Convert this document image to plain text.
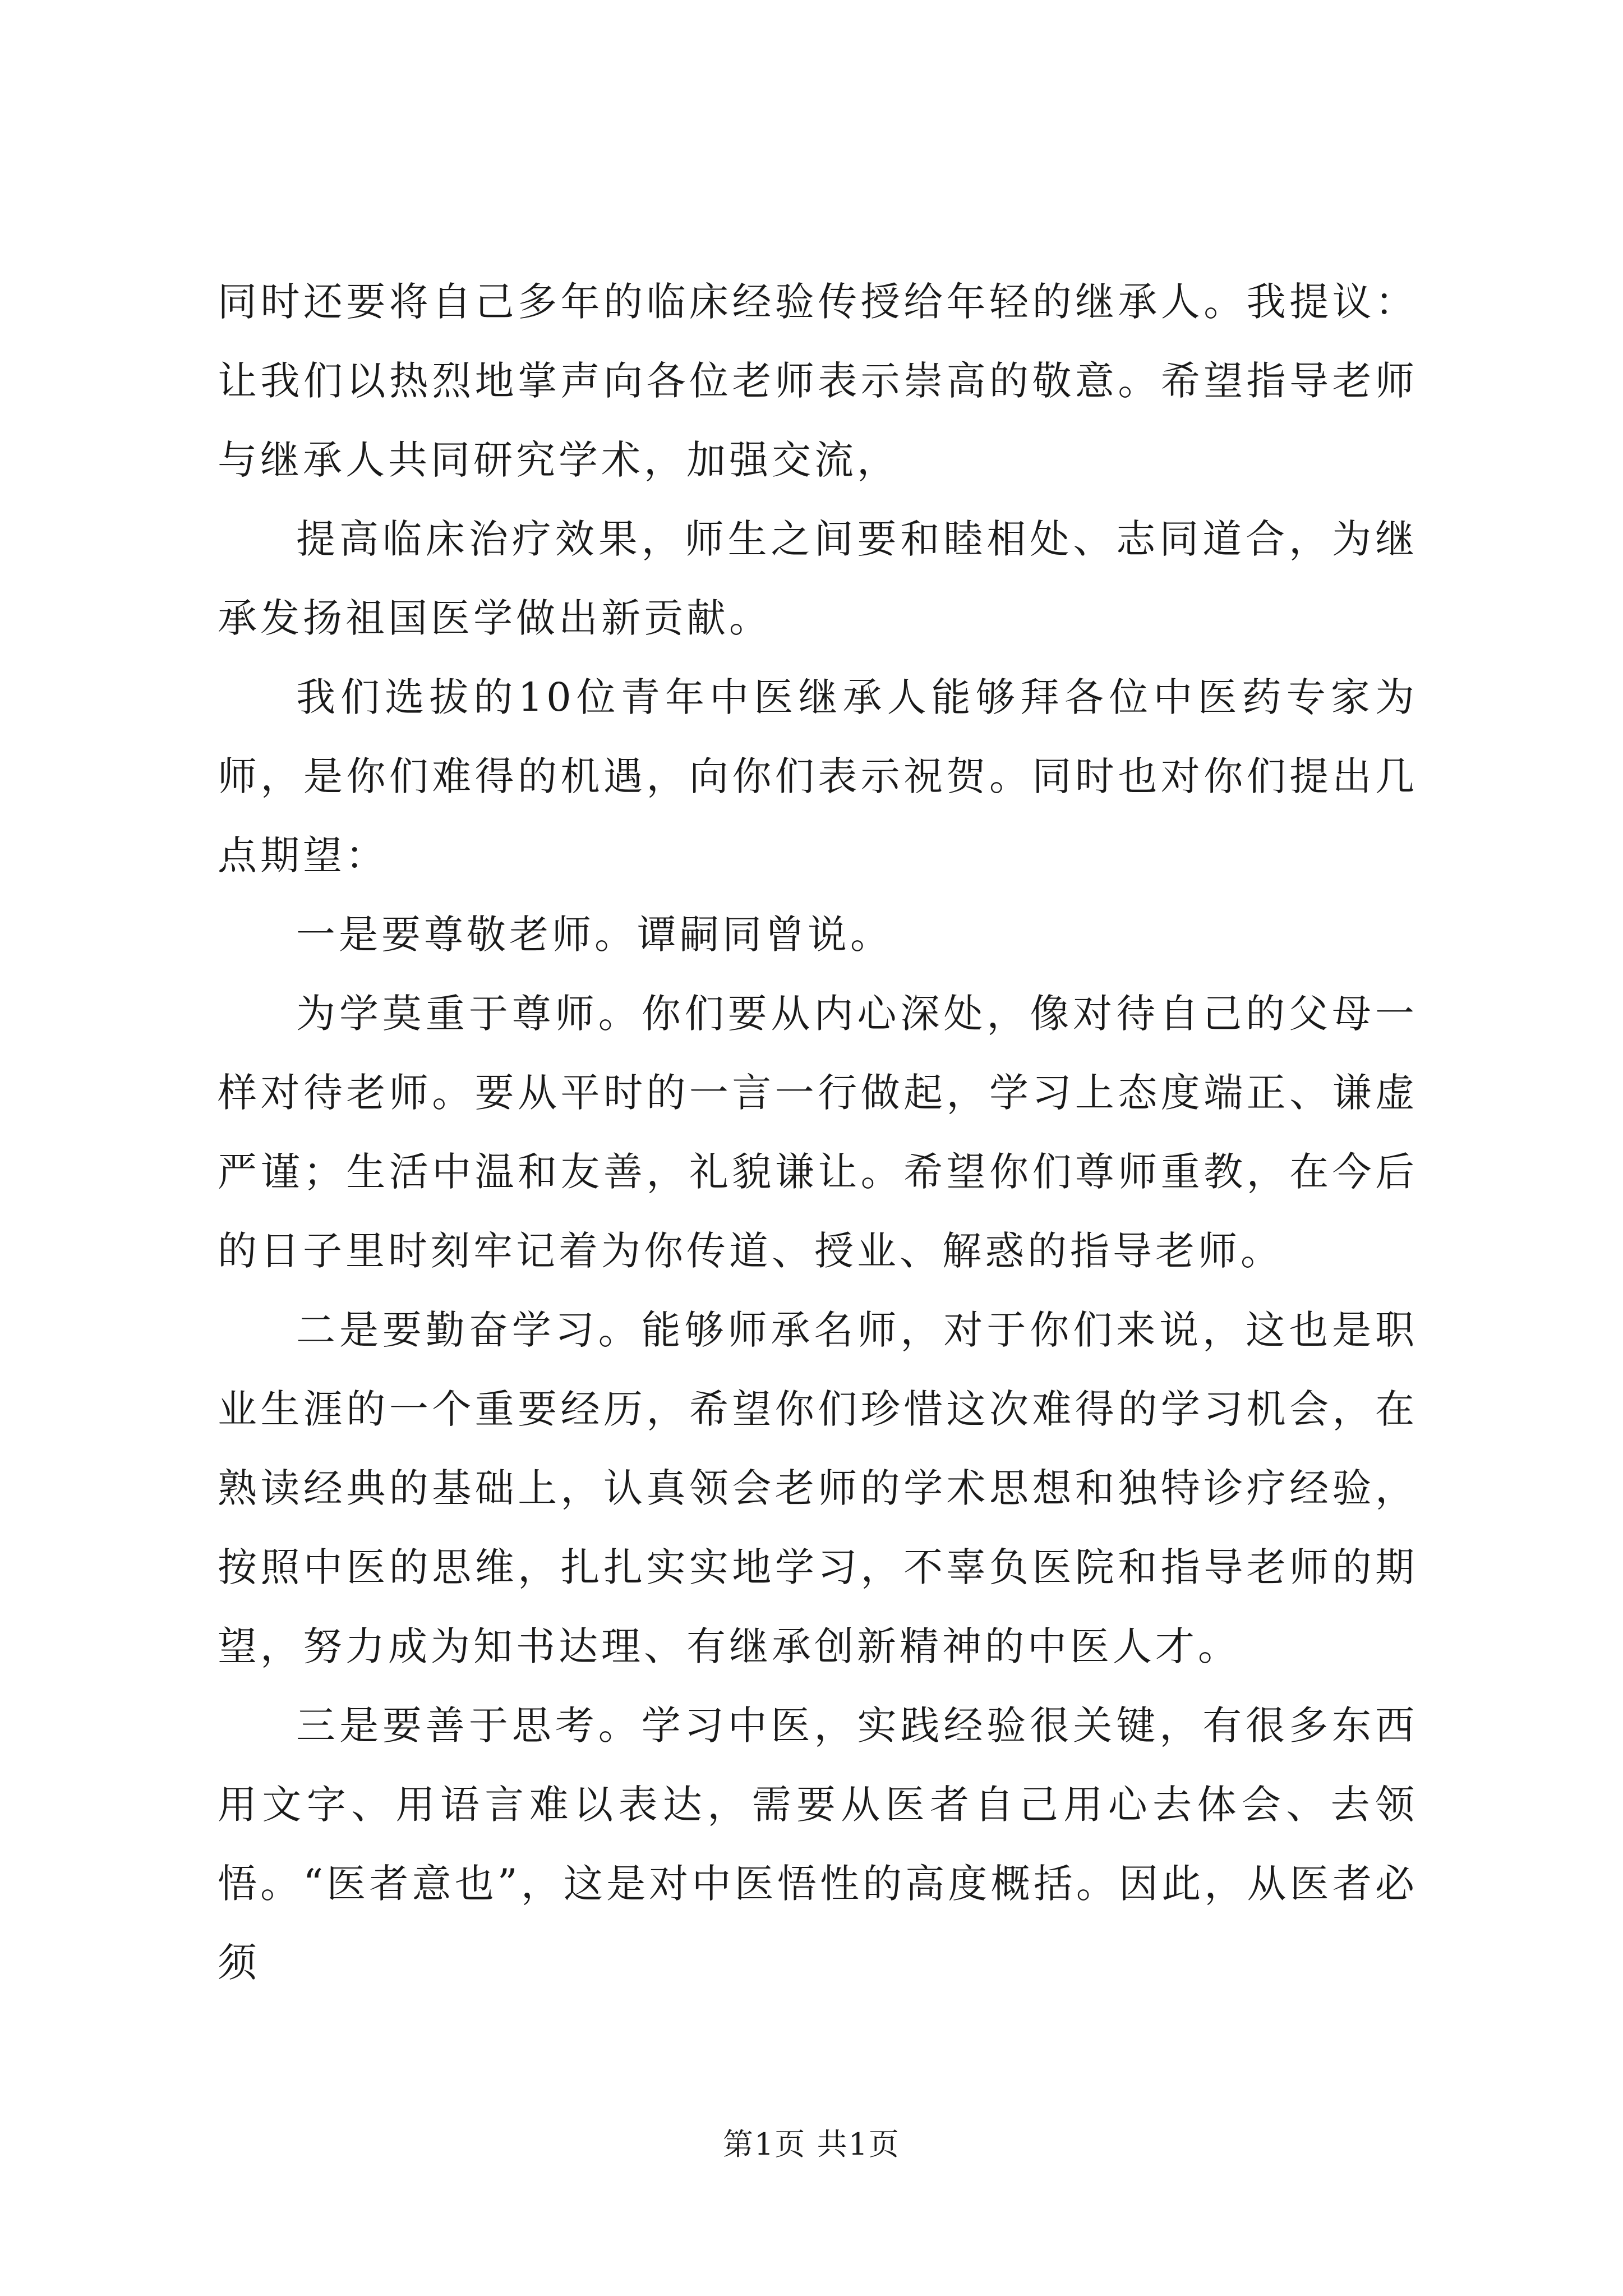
同时还要将自己多年的临床经验传授给年轻的继承人。我提议：让我们以热烈地掌声向各位老师表示崇高的敬意。希望指导老师与继承人共同研究学术，加强交流，

提高临床治疗效果，师生之间要和睦相处、志同道合，为继承发扬祖国医学做出新贡献。

我们选拔的10位青年中医继承人能够拜各位中医药专家为师，是你们难得的机遇，向你们表示祝贺。同时也对你们提出几点期望：

一是要尊敬老师。谭嗣同曾说。

为学莫重于尊师。你们要从内心深处，像对待自己的父母一样对待老师。要从平时的一言一行做起，学习上态度端正、谦虚严谨；生活中温和友善，礼貌谦让。希望你们尊师重教，在今后的日子里时刻牢记着为你传道、授业、解惑的指导老师。

二是要勤奋学习。能够师承名师，对于你们来说，这也是职业生涯的一个重要经历，希望你们珍惜这次难得的学习机会，在熟读经典的基础上，认真领会老师的学术思想和独特诊疗经验，按照中医的思维，扎扎实实地学习，不辜负医院和指导老师的期望，努力成为知书达理、有继承创新精神的中医人才。

三是要善于思考。学习中医，实践经验很关键，有很多东西用文字、用语言难以表达，需要从医者自己用心去体会、去领悟。“医者意也”，这是对中医悟性的高度概括。因此，从医者必须

第1页 共1页
